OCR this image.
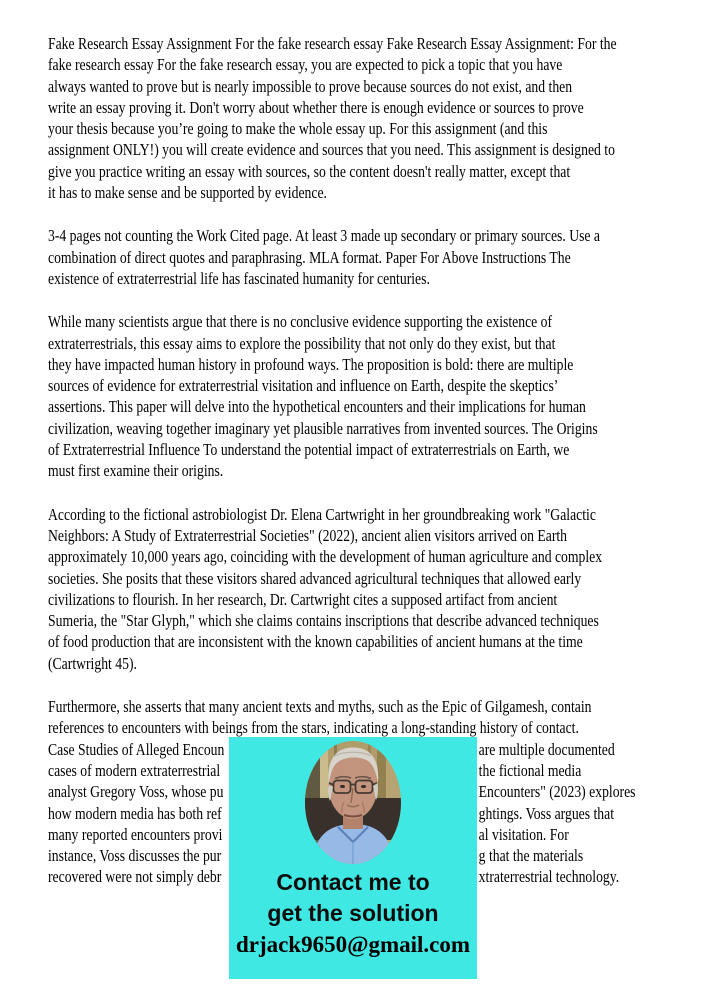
Fake Research Essay Assignment For the fake research essay Fake Research Essay Assignment: For the
fake research essay For the fake research essay, you are expected to pick a topic that you have
always wanted to prove but is nearly impossible to prove because sources do not exist, and then
write an essay proving it. Don't worry about whether there is enough evidence or sources to prove
your thesis because you’re going to make the whole essay up. For this assignment (and this
assignment ONLY!) you will create evidence and sources that you need. This assignment is designed to
give you practice writing an essay with sources, so the content doesn't really matter, except that
it has to make sense and be supported by evidence.
3-4 pages not counting the Work Cited page. At least 3 made up secondary or primary sources. Use a
combination of direct quotes and paraphrasing. MLA format. Paper For Above Instructions The
existence of extraterrestrial life has fascinated humanity for centuries.
While many scientists argue that there is no conclusive evidence supporting the existence of
extraterrestrials, this essay aims to explore the possibility that not only do they exist, but that
they have impacted human history in profound ways. The proposition is bold: there are multiple
sources of evidence for extraterrestrial visitation and influence on Earth, despite the skeptics’
assertions. This paper will delve into the hypothetical encounters and their implications for human
civilization, weaving together imaginary yet plausible narratives from invented sources. The Origins
of Extraterrestrial Influence To understand the potential impact of extraterrestrials on Earth, we
must first examine their origins.
According to the fictional astrobiologist Dr. Elena Cartwright in her groundbreaking work "Galactic
Neighbors: A Study of Extraterrestrial Societies" (2022), ancient alien visitors arrived on Earth
approximately 10,000 years ago, coinciding with the development of human agriculture and complex
societies. She posits that these visitors shared advanced agricultural techniques that allowed early
civilizations to flourish. In her research, Dr. Cartwright cites a supposed artifact from ancient
Sumeria, the "Star Glyph," which she claims contains inscriptions that describe advanced techniques
of food production that are inconsistent with the known capabilities of ancient humans at the time
(Cartwright 45).
Furthermore, she asserts that many ancient texts and myths, such as the Epic of Gilgamesh, contain
references to encounters with beings from the stars, indicating a long-standing history of contact.
Case Studies of Alleged Encoun	are multiple documented
cases of modern extraterrestrial	the fictional media
analyst Gregory Voss, whose pu	Encounters" (2023) explores
how modern media has both ref	ghtings. Voss argues that
many reported encounters provi	al visitation. For
instance, Voss discusses the pur	g that the materials
recovered were not simply debr	xtraterrestrial technology.
Contact me to
get the solution
drjack9650@gmail.com
